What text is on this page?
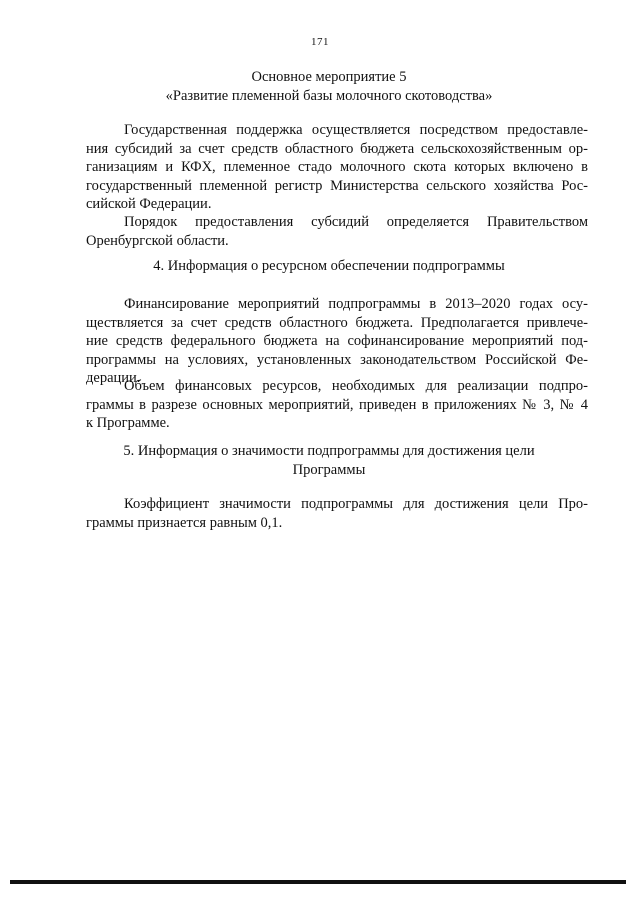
171
Основное мероприятие 5
«Развитие племенной базы молочного скотоводства»
Государственная поддержка осуществляется посредством предоставле-
ния субсидий за счет средств областного бюджета сельскохозяйственным ор-
ганизациям и КФХ, племенное стадо молочного скота которых включено в
государственный племенной регистр Министерства сельского хозяйства Рос-
сийской Федерации.
Порядок предоставления субсидий определяется Правительством
Оренбургской области.
4. Информация о ресурсном обеспечении подпрограммы
Финансирование мероприятий подпрограммы в 2013–2020 годах осу-
ществляется за счет средств областного бюджета. Предполагается привлече-
ние средств федерального бюджета на софинансирование мероприятий под-
программы на условиях, установленных законодательством Российской Фе-
дерации.
Объем финансовых ресурсов, необходимых для реализации подпро-
граммы в разрезе основных мероприятий, приведен в приложениях № 3, № 4
к Программе.
5. Информация о значимости подпрограммы для достижения цели
Программы
Коэффициент значимости подпрограммы для достижения цели Про-
граммы признается равным 0,1.
